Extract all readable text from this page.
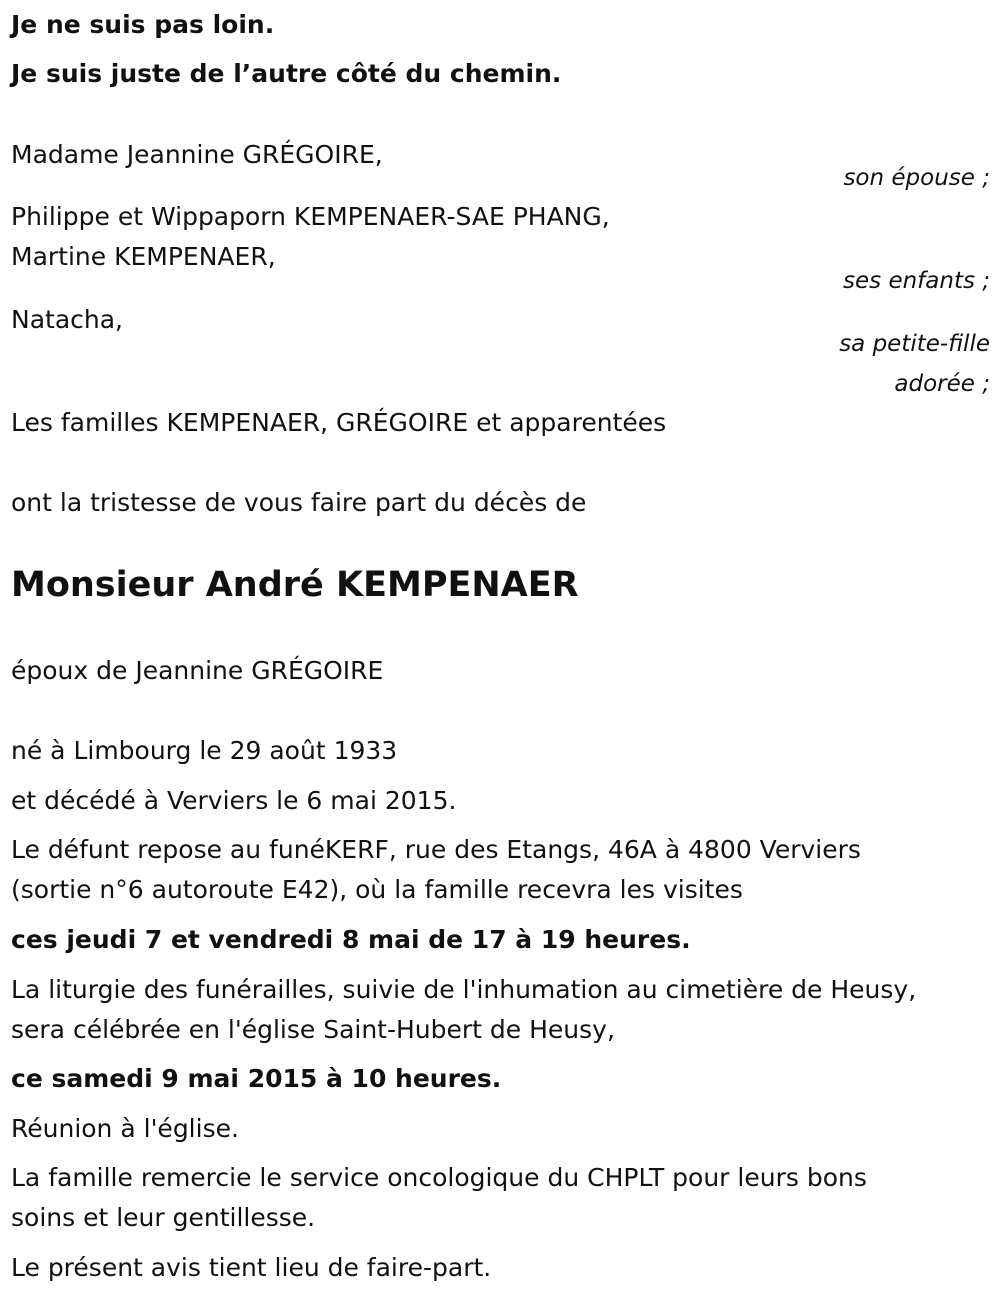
Je ne suis pas loin.
Je suis juste de l’autre côté du chemin.
Madame Jeannine GRÉGOIRE,
son épouse ;
Philippe et Wippaporn KEMPENAER-SAE PHANG,
Martine KEMPENAER,
ses enfants ;
Natacha,
sa petite-fille
adorée ;
Les familles KEMPENAER, GRÉGOIRE et apparentées
ont la tristesse de vous faire part du décès de
Monsieur André KEMPENAER
époux de Jeannine GRÉGOIRE
né à Limbourg le 29 août 1933
et décédé à Verviers le 6 mai 2015.
Le défunt repose au funéKERF, rue des Etangs, 46A à 4800 Verviers
(sortie n°6 autoroute E42), où la famille recevra les visites
ces jeudi 7 et vendredi 8 mai de 17 à 19 heures.
La liturgie des funérailles, suivie de l'inhumation au cimetière de Heusy,
sera célébrée en l'église Saint-Hubert de Heusy,
ce samedi 9 mai 2015 à 10 heures.
Réunion à l'église.
La famille remercie le service oncologique du CHPLT pour leurs bons
soins et leur gentillesse.
Le présent avis tient lieu de faire-part.
